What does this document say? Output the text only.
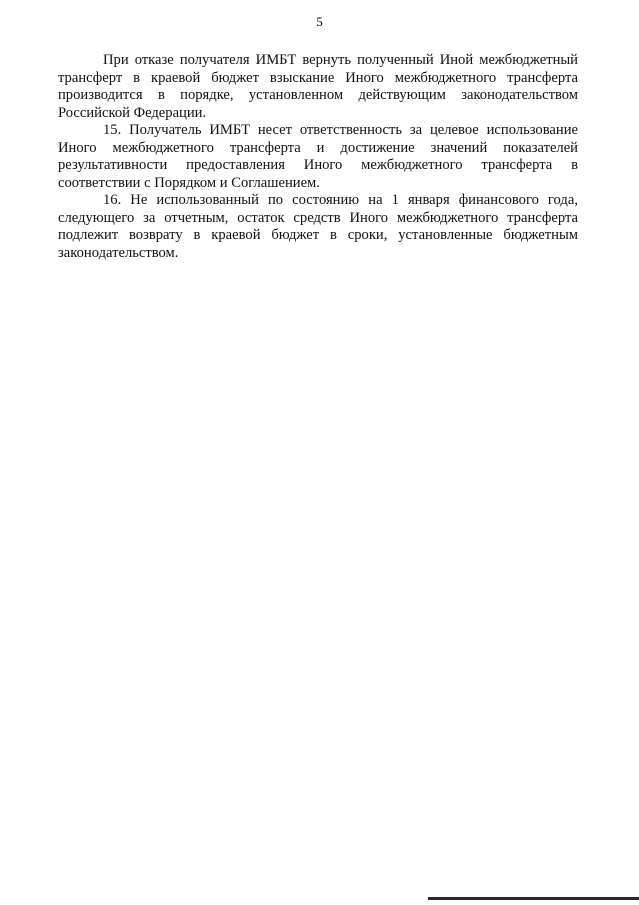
5

При отказе получателя ИМБТ вернуть полученный Иной межбюджетный трансферт в краевой бюджет взыскание Иного межбюджетного трансферта производится в порядке, установленном действующим законодательством Российской Федерации.

15. Получатель ИМБТ несет ответственность за целевое использование Иного межбюджетного трансферта и достижение значений показателей результативности предоставления Иного межбюджетного трансферта в соответствии с Порядком и Соглашением.

16. Не использованный по состоянию на 1 января финансового года, следующего за отчетным, остаток средств Иного межбюджетного трансферта подлежит возврату в краевой бюджет в сроки, установленные бюджетным законодательством.
